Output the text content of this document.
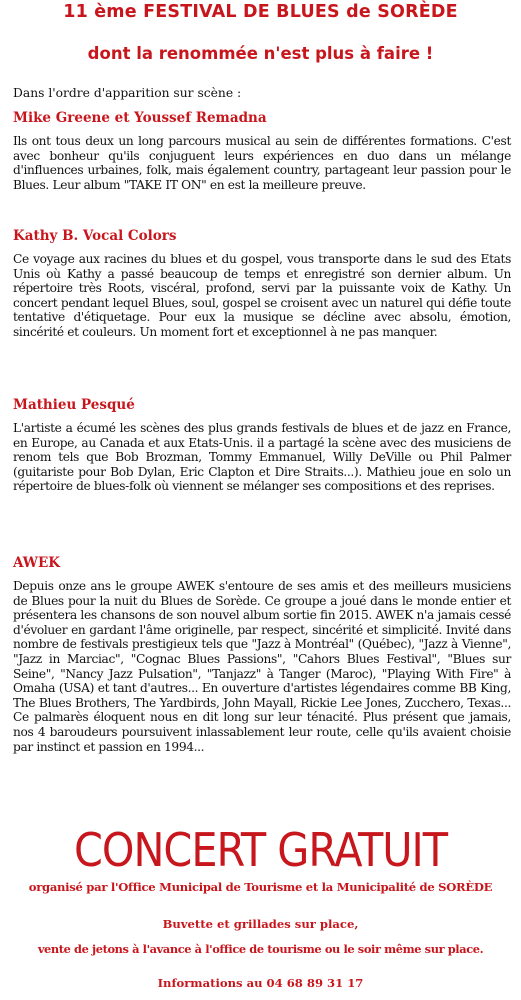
11 ème FESTIVAL DE BLUES de SORÈDE
dont la renommée n'est plus à faire !
Dans l'ordre d'apparition sur scène :
Mike Greene et Youssef Remadna

Ils ont tous deux un long parcours musical au sein de différentes formations. C'est avec bonheur qu'ils conjuguent leurs expériences en duo dans un mélange d'influences urbaines, folk, mais également country, partageant leur passion pour le Blues. Leur album "TAKE IT ON" en est la meilleure preuve.

Kathy B. Vocal Colors

Ce voyage aux racines du blues et du gospel, vous transporte dans le sud des Etats Unis où Kathy a passé beaucoup de temps et enregistré son dernier album. Un répertoire très Roots, viscéral, profond, servi par la puissante voix de Kathy. Un concert pendant lequel Blues, soul, gospel se croisent avec un naturel qui défie toute tentative d'étiquetage. Pour eux la musique se décline avec absolu, émotion, sincérité et couleurs. Un moment fort et exceptionnel à ne pas manquer.

Mathieu Pesqué

L'artiste a écumé les scènes des plus grands festivals de blues et de jazz en France, en Europe, au Canada et aux Etats-Unis. il a partagé la scène avec des musiciens de renom tels que Bob Brozman, Tommy Emmanuel, Willy DeVille ou Phil Palmer (guitariste pour Bob Dylan, Eric Clapton et Dire Straits...). Mathieu joue en solo un répertoire de blues-folk où viennent se mélanger ses compositions et des reprises.

AWEK

Depuis onze ans le groupe AWEK s'entoure de ses amis et des meilleurs musiciens de Blues pour la nuit du Blues de Sorède. Ce groupe a joué dans le monde entier et présentera les chansons de son nouvel album sortie fin 2015. AWEK n'a jamais cessé d'évoluer en gardant l'âme originelle, par respect, sincérité et simplicité. Invité dans nombre de festivals prestigieux tels que "Jazz à Montréal" (Québec), "Jazz à Vienne", "Jazz in Marciac", "Cognac Blues Passions", "Cahors Blues Festival", "Blues sur Seine", "Nancy Jazz Pulsation", "Tanjazz" à Tanger (Maroc), "Playing With Fire" à Omaha (USA) et tant d'autres... En ouverture d'artistes légendaires comme BB King, The Blues Brothers, The Yardbirds, John Mayall, Rickie Lee Jones, Zucchero, Texas... Ce palmarès éloquent nous en dit long sur leur ténacité. Plus présent que jamais, nos 4 baroudeurs poursuivent inlassablement leur route, celle qu'ils avaient choisie par instinct et passion en 1994...

CONCERT GRATUIT
organisé par l'Office Municipal de Tourisme et la Municipalité de SORÈDE
Buvette et grillades sur place,
vente de jetons à l'avance à l'office de tourisme ou le soir même sur place.
Informations au 04 68 89 31 17
